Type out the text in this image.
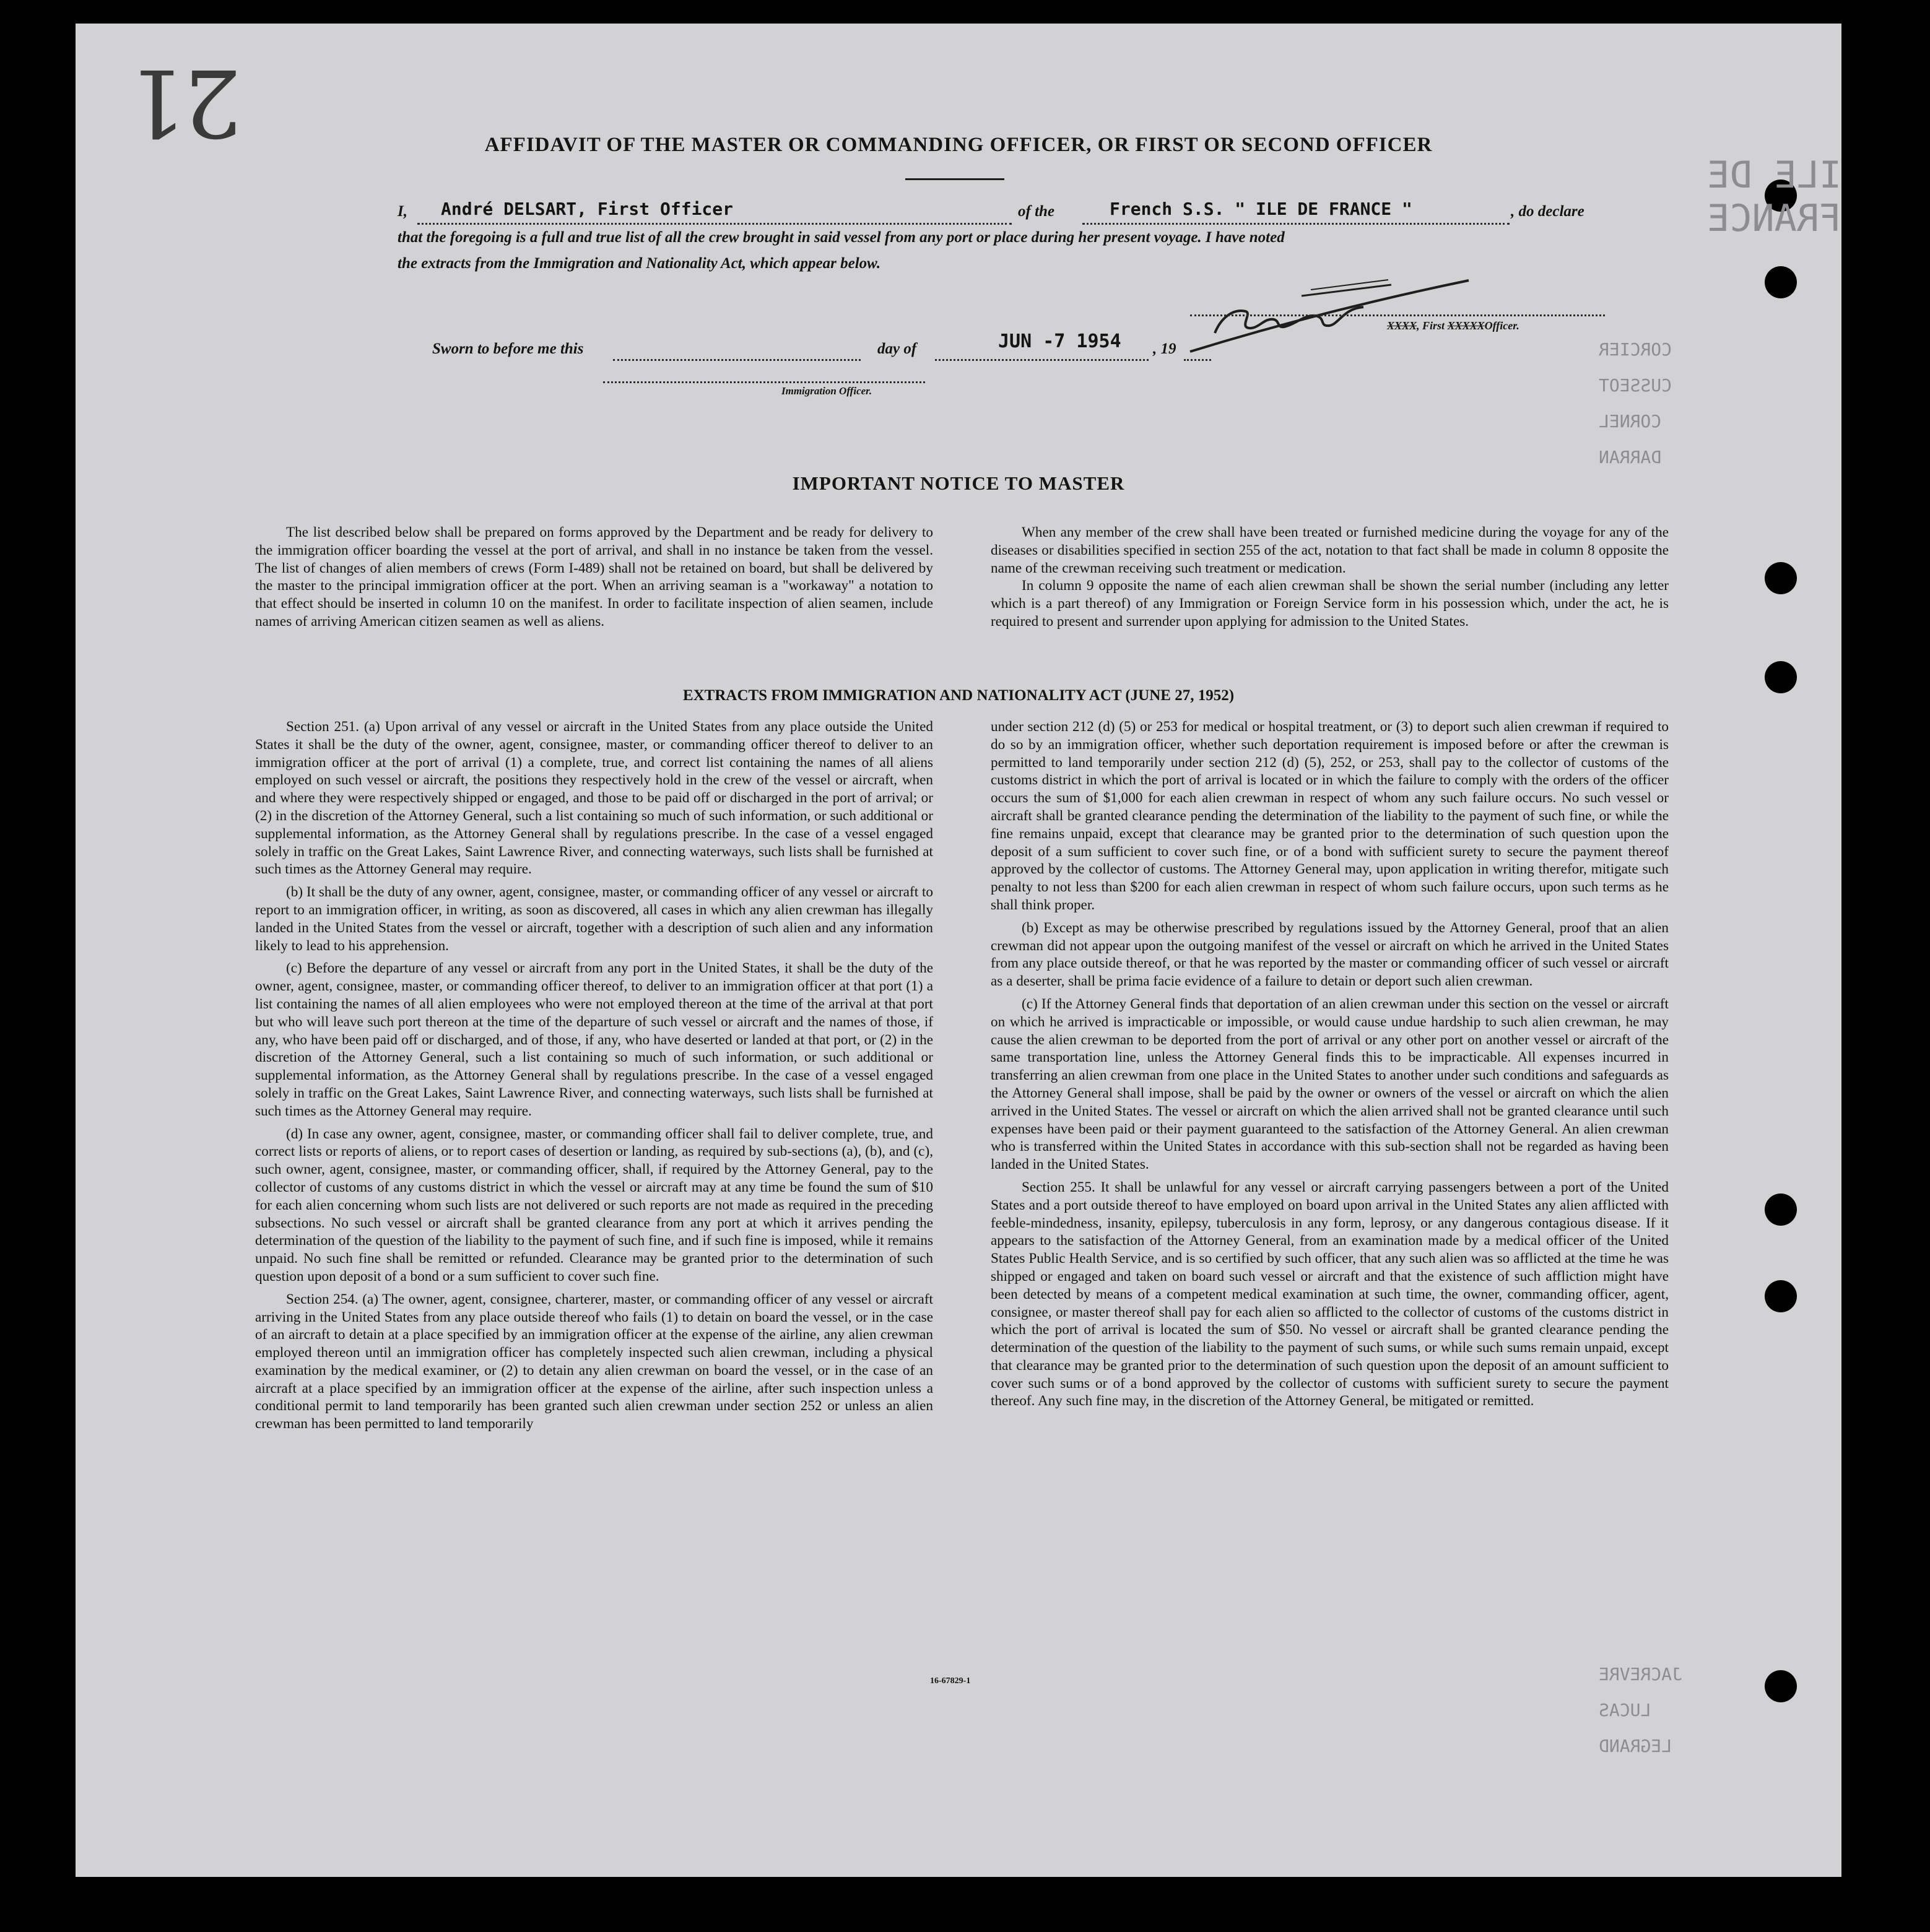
ILE DE FRANCE
CORCIER
CUSSEOT
CORNEL
DARRAN
JACREVRE
LUCAS
LEGRAND
21	AFFIDAVIT OF THE MASTER OR COMMANDING OFFICER, OR FIRST OR SECOND OFFICER
I, André DELSART, First Officer	of the	French S.S. " ILE DE FRANCE "	, do declare
that the foregoing is a full and true list of all the crew brought in said vessel from any port or place during her present voyage. I have noted
the extracts from the Immigration and Nationality Act, which appear below.
XXXX, First XXXXXOfficer.
Sworn to before me this	day of	JUN -7 1954 , 19
Immigration Officer.
IMPORTANT NOTICE TO MASTER

The list described below shall be prepared on forms approved by the Department and be ready for delivery to the immigration officer boarding the vessel at the port of arrival, and shall in no instance be taken from the vessel. The list of changes of alien members of crews (Form I-489) shall not be retained on board, but shall be delivered by the master to the principal immigration officer at the port. When an arriving seaman is a "workaway" a notation to that effect should be inserted in column 10 on the manifest. In order to facilitate inspection of alien seamen, include names of arriving American citizen seamen as well as aliens.

When any member of the crew shall have been treated or furnished medicine during the voyage for any of the diseases or disabilities specified in section 255 of the act, notation to that fact shall be made in column 8 opposite the name of the crewman receiving such treatment or medication.

In column 9 opposite the name of each alien crewman shall be shown the serial number (including any letter which is a part thereof) of any Immigration or Foreign Service form in his possession which, under the act, he is required to present and surrender upon applying for admission to the United States.

EXTRACTS FROM IMMIGRATION AND NATIONALITY ACT (JUNE 27, 1952)

Section 251. (a) Upon arrival of any vessel or aircraft in the United States from any place outside the United States it shall be the duty of the owner, agent, consignee, master, or commanding officer thereof to deliver to an immigration officer at the port of arrival (1) a complete, true, and correct list containing the names of all aliens employed on such vessel or aircraft, the positions they respectively hold in the crew of the vessel or aircraft, when and where they were respectively shipped or engaged, and those to be paid off or discharged in the port of arrival; or (2) in the discretion of the Attorney General, such a list containing so much of such information, or such additional or supplemental information, as the Attorney General shall by regulations prescribe. In the case of a vessel engaged solely in traffic on the Great Lakes, Saint Lawrence River, and connecting waterways, such lists shall be furnished at such times as the Attorney General may require.

(b) It shall be the duty of any owner, agent, consignee, master, or commanding officer of any vessel or aircraft to report to an immigration officer, in writing, as soon as discovered, all cases in which any alien crewman has illegally landed in the United States from the vessel or aircraft, together with a description of such alien and any information likely to lead to his apprehension.

(c) Before the departure of any vessel or aircraft from any port in the United States, it shall be the duty of the owner, agent, consignee, master, or commanding officer thereof, to deliver to an immigration officer at that port (1) a list containing the names of all alien employees who were not employed thereon at the time of the arrival at that port but who will leave such port thereon at the time of the departure of such vessel or aircraft and the names of those, if any, who have been paid off or discharged, and of those, if any, who have deserted or landed at that port, or (2) in the discretion of the Attorney General, such a list containing so much of such information, or such additional or supplemental information, as the Attorney General shall by regulations prescribe. In the case of a vessel engaged solely in traffic on the Great Lakes, Saint Lawrence River, and connecting waterways, such lists shall be furnished at such times as the Attorney General may require.

(d) In case any owner, agent, consignee, master, or commanding officer shall fail to deliver complete, true, and correct lists or reports of aliens, or to report cases of desertion or landing, as required by sub-sections (a), (b), and (c), such owner, agent, consignee, master, or commanding officer, shall, if required by the Attorney General, pay to the collector of customs of any customs district in which the vessel or aircraft may at any time be found the sum of $10 for each alien concerning whom such lists are not delivered or such reports are not made as required in the preceding subsections. No such vessel or aircraft shall be granted clearance from any port at which it arrives pending the determination of the question of the liability to the payment of such fine, and if such fine is imposed, while it remains unpaid. No such fine shall be remitted or refunded. Clearance may be granted prior to the determination of such question upon deposit of a bond or a sum sufficient to cover such fine.

Section 254. (a) The owner, agent, consignee, charterer, master, or commanding officer of any vessel or aircraft arriving in the United States from any place outside thereof who fails (1) to detain on board the vessel, or in the case of an aircraft to detain at a place specified by an immigration officer at the expense of the airline, any alien crewman employed thereon until an immigration officer has completely inspected such alien crewman, including a physical examination by the medical examiner, or (2) to detain any alien crewman on board the vessel, or in the case of an aircraft at a place specified by an immigration officer at the expense of the airline, after such inspection unless a conditional permit to land temporarily has been granted such alien crewman under section 252 or unless an alien crewman has been permitted to land temporarily

under section 212 (d) (5) or 253 for medical or hospital treatment, or (3) to deport such alien crewman if required to do so by an immigration officer, whether such deportation requirement is imposed before or after the crewman is permitted to land temporarily under section 212 (d) (5), 252, or 253, shall pay to the collector of customs of the customs district in which the port of arrival is located or in which the failure to comply with the orders of the officer occurs the sum of $1,000 for each alien crewman in respect of whom any such failure occurs. No such vessel or aircraft shall be granted clearance pending the determination of the liability to the payment of such fine, or while the fine remains unpaid, except that clearance may be granted prior to the determination of such question upon the deposit of a sum sufficient to cover such fine, or of a bond with sufficient surety to secure the payment thereof approved by the collector of customs. The Attorney General may, upon application in writing therefor, mitigate such penalty to not less than $200 for each alien crewman in respect of whom such failure occurs, upon such terms as he shall think proper.

(b) Except as may be otherwise prescribed by regulations issued by the Attorney General, proof that an alien crewman did not appear upon the outgoing manifest of the vessel or aircraft on which he arrived in the United States from any place outside thereof, or that he was reported by the master or commanding officer of such vessel or aircraft as a deserter, shall be prima facie evidence of a failure to detain or deport such alien crewman.

(c) If the Attorney General finds that deportation of an alien crewman under this section on the vessel or aircraft on which he arrived is impracticable or impossible, or would cause undue hardship to such alien crewman, he may cause the alien crewman to be deported from the port of arrival or any other port on another vessel or aircraft of the same transportation line, unless the Attorney General finds this to be impracticable. All expenses incurred in transferring an alien crewman from one place in the United States to another under such conditions and safeguards as the Attorney General shall impose, shall be paid by the owner or owners of the vessel or aircraft on which the alien arrived in the United States. The vessel or aircraft on which the alien arrived shall not be granted clearance until such expenses have been paid or their payment guaranteed to the satisfaction of the Attorney General. An alien crewman who is transferred within the United States in accordance with this sub-section shall not be regarded as having been landed in the United States.

Section 255. It shall be unlawful for any vessel or aircraft carrying passengers between a port of the United States and a port outside thereof to have employed on board upon arrival in the United States any alien afflicted with feeble-mindedness, insanity, epilepsy, tuberculosis in any form, leprosy, or any dangerous contagious disease. If it appears to the satisfaction of the Attorney General, from an examination made by a medical officer of the United States Public Health Service, and is so certified by such officer, that any such alien was so afflicted at the time he was shipped or engaged and taken on board such vessel or aircraft and that the existence of such affliction might have been detected by means of a competent medical examination at such time, the owner, commanding officer, agent, consignee, or master thereof shall pay for each alien so afflicted to the collector of customs of the customs district in which the port of arrival is located the sum of $50. No vessel or aircraft shall be granted clearance pending the determination of the question of the liability to the payment of such sums, or while such sums remain unpaid, except that clearance may be granted prior to the determination of such question upon the deposit of an amount sufficient to cover such sums or of a bond approved by the collector of customs with sufficient surety to secure the payment thereof. Any such fine may, in the discretion of the Attorney General, be mitigated or remitted.

16-67829-1
